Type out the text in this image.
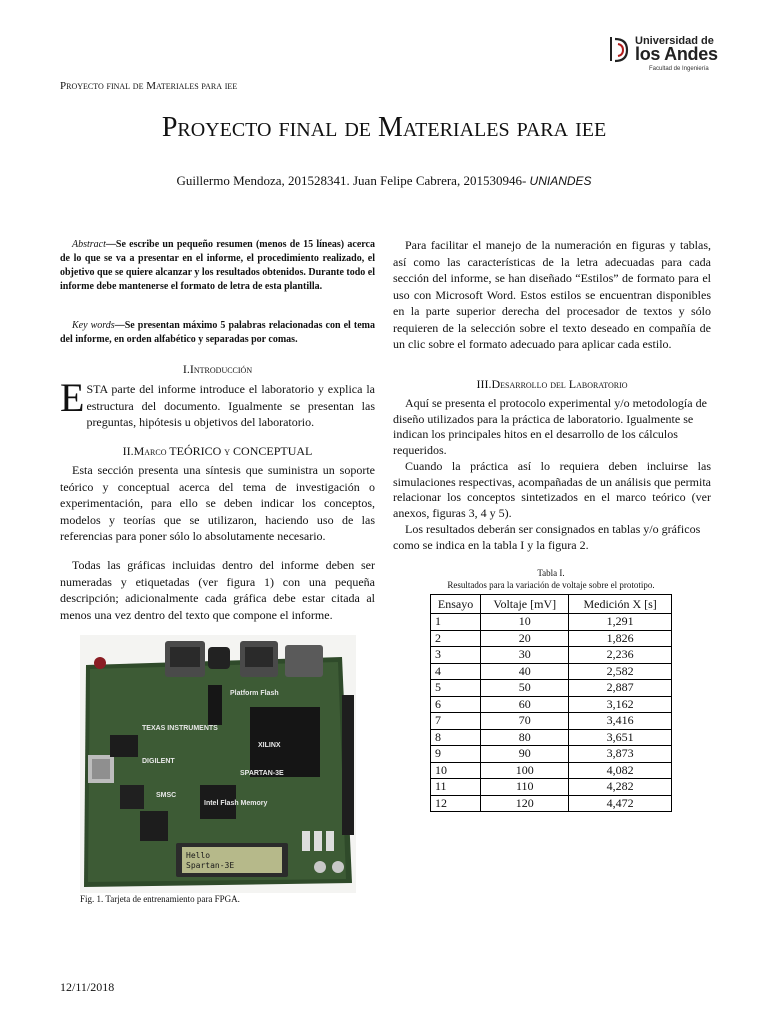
Universidad de
los Andes
Facultad de Ingeniería
Proyecto final de Materiales para iee
Proyecto final de Materiales para iee
Guillermo Mendoza, 201528341. Juan Felipe Cabrera, 201530946- UNIANDES
Abstract—Se escribe un pequeño resumen (menos de 15 líneas) acerca de lo que se va a presentar en el informe, el procedimiento realizado, el objetivo que se quiere alcanzar y los resultados obtenidos. Durante todo el informe debe mantenerse el formato de letra de esta plantilla.
Key words—Se presentan máximo 5 palabras relacionadas con el tema del informe, en orden alfabético y separadas por comas.
I.Introducción
ESTA parte del informe introduce el laboratorio y explica la estructura del documento. Igualmente se presentan las preguntas, hipótesis u objetivos del laboratorio.
II.Marco TEÓRICO y CONCEPTUAL
Esta sección presenta una síntesis que suministra un soporte teórico y conceptual acerca del tema de investigación o experimentación, para ello se deben indicar los conceptos, modelos y teorías que se utilizaron, haciendo uso de las referencias para poner sólo lo absolutamente necesario.
Todas las gráficas incluidas dentro del informe deben ser numeradas y etiquetadas (ver figura 1) con una pequeña descripción; adicionalmente cada gráfica debe estar citada al menos una vez dentro del texto que compone el informe.
XILINX
SPARTAN-3E
DIGILENT
TEXAS INSTRUMENTS
Platform Flash
SMSC
Intel Flash Memory
Hello
Spartan-3E
Fig. 1. Tarjeta de entrenamiento para FPGA.
Para facilitar el manejo de la numeración en figuras y tablas, así como las características de la letra adecuadas para cada sección del informe, se han diseñado “Estilos” de formato para el uso con Microsoft Word. Estos estilos se encuentran disponibles en la parte superior derecha del procesador de textos y sólo requieren de la selección sobre el texto deseado en compañía de un clic sobre el formato adecuado para aplicar cada estilo.
III.Desarrollo del Laboratorio
Aquí se presenta el protocolo experimental y/o metodología de diseño utilizados para la práctica de laboratorio. Igualmente se indican los principales hitos en el desarrollo de los cálculos requeridos.
Cuando la práctica así lo requiera deben incluirse las simulaciones respectivas, acompañadas de un análisis que permita relacionar los conceptos sintetizados en el marco teórico (ver anexos, figuras 3, 4 y 5).
Los resultados deberán ser consignados en tablas y/o gráficos como se indica en la tabla I y la figura 2.
Tabla I.
Resultados para la variación de voltaje sobre el prototipo.
Ensayo	Voltaje [mV]	Medición X [s]
1	10	1,291
2	20	1,826
3	30	2,236
4	40	2,582
5	50	2,887
6	60	3,162
7	70	3,416
8	80	3,651
9	90	3,873
10	100	4,082
11	110	4,282
12	120	4,472
12/11/2018
